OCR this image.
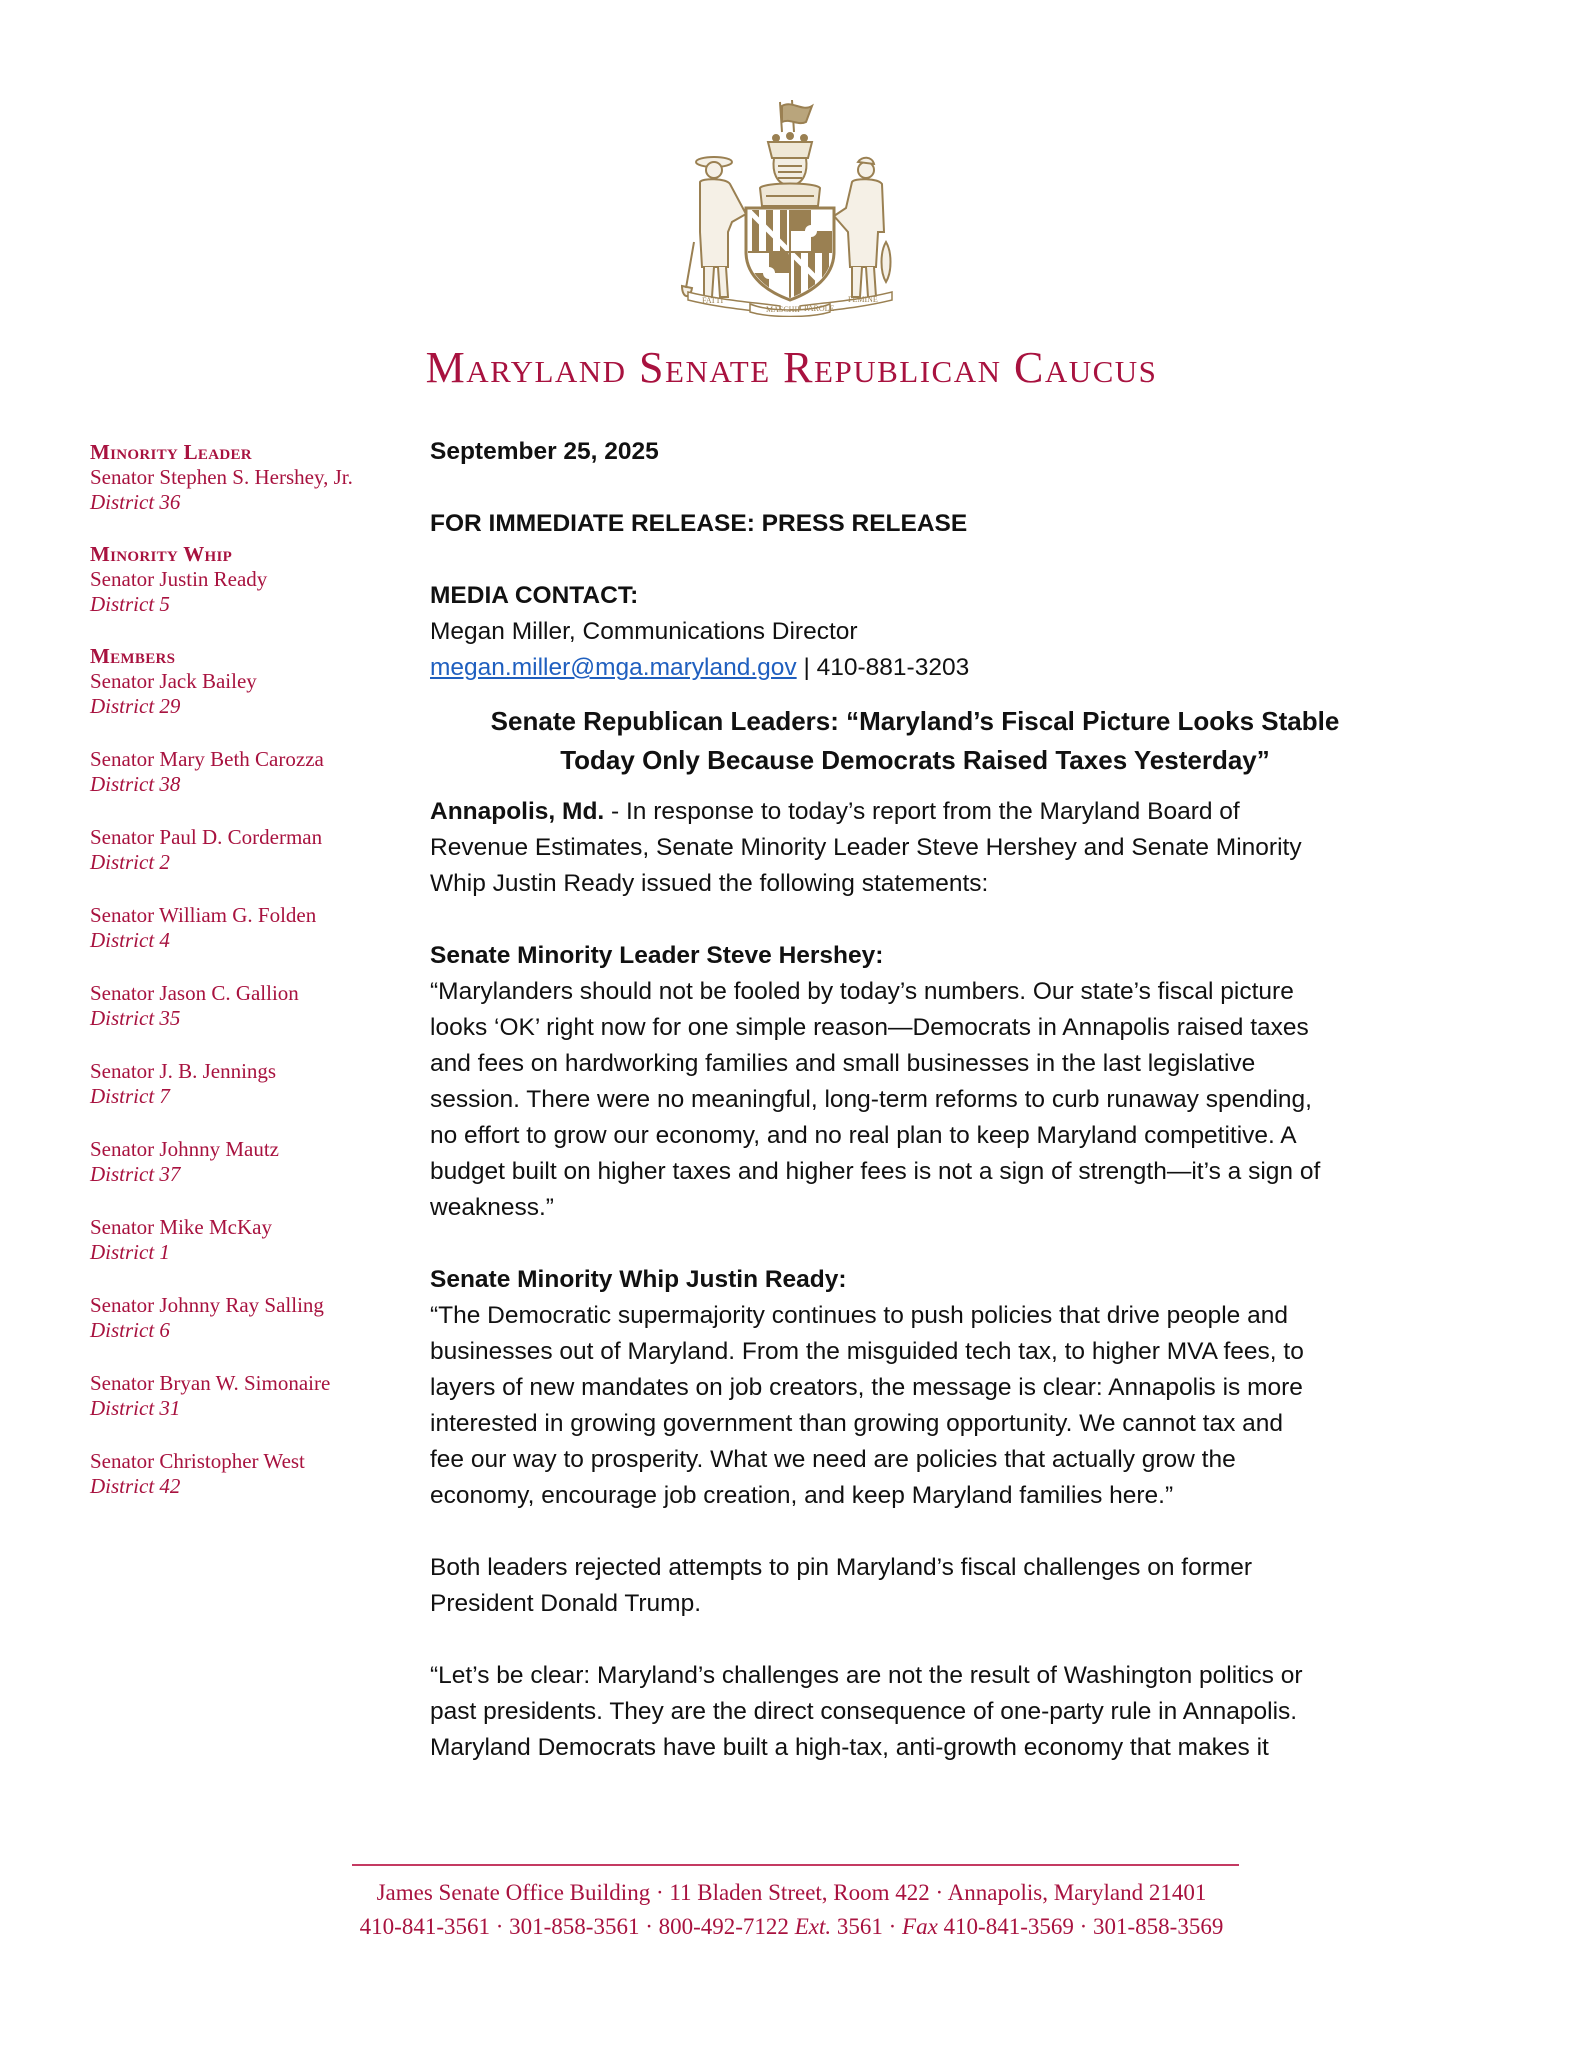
FATTI
MASCHII PAROLE
FEMINE
Maryland Senate Republican Caucus
Minority Leader
Senator Stephen S. Hershey, Jr.
District 36
Minority Whip
Senator Justin Ready
District 5
Members
Senator Jack Bailey
District 29
Senator Mary Beth Carozza
District 38
Senator Paul D. Corderman
District 2
Senator William G. Folden
District 4
Senator Jason C. Gallion
District 35
Senator J. B. Jennings
District 7
Senator Johnny Mautz
District 37
Senator Mike McKay
District 1
Senator Johnny Ray Salling
District 6
Senator Bryan W. Simonaire
District 31
Senator Christopher West
District 42
September 25, 2025
FOR IMMEDIATE RELEASE: PRESS RELEASE
MEDIA CONTACT:
Megan Miller, Communications Director
megan.miller@mga.maryland.gov | 410-881-3203
Senate Republican Leaders: “Maryland’s Fiscal Picture Looks Stable
Today Only Because Democrats Raised Taxes Yesterday”
Annapolis, Md. - In response to today’s report from the Maryland Board of
Revenue Estimates, Senate Minority Leader Steve Hershey and Senate Minority
Whip Justin Ready issued the following statements:
Senate Minority Leader Steve Hershey:
“Marylanders should not be fooled by today’s numbers. Our state’s fiscal picture
looks ‘OK’ right now for one simple reason—Democrats in Annapolis raised taxes
and fees on hardworking families and small businesses in the last legislative
session. There were no meaningful, long-term reforms to curb runaway spending,
no effort to grow our economy, and no real plan to keep Maryland competitive. A
budget built on higher taxes and higher fees is not a sign of strength—it’s a sign of
weakness.”
Senate Minority Whip Justin Ready:
“The Democratic supermajority continues to push policies that drive people and
businesses out of Maryland. From the misguided tech tax, to higher MVA fees, to
layers of new mandates on job creators, the message is clear: Annapolis is more
interested in growing government than growing opportunity. We cannot tax and
fee our way to prosperity. What we need are policies that actually grow the
economy, encourage job creation, and keep Maryland families here.”
Both leaders rejected attempts to pin Maryland’s fiscal challenges on former
President Donald Trump.
“Let’s be clear: Maryland’s challenges are not the result of Washington politics or
past presidents. They are the direct consequence of one-party rule in Annapolis.
Maryland Democrats have built a high-tax, anti-growth economy that makes it
James Senate Office Building · 11 Bladen Street, Room 422 · Annapolis, Maryland 21401
410-841-3561 · 301-858-3561 · 800-492-7122 Ext. 3561 · Fax 410-841-3569 · 301-858-3569
